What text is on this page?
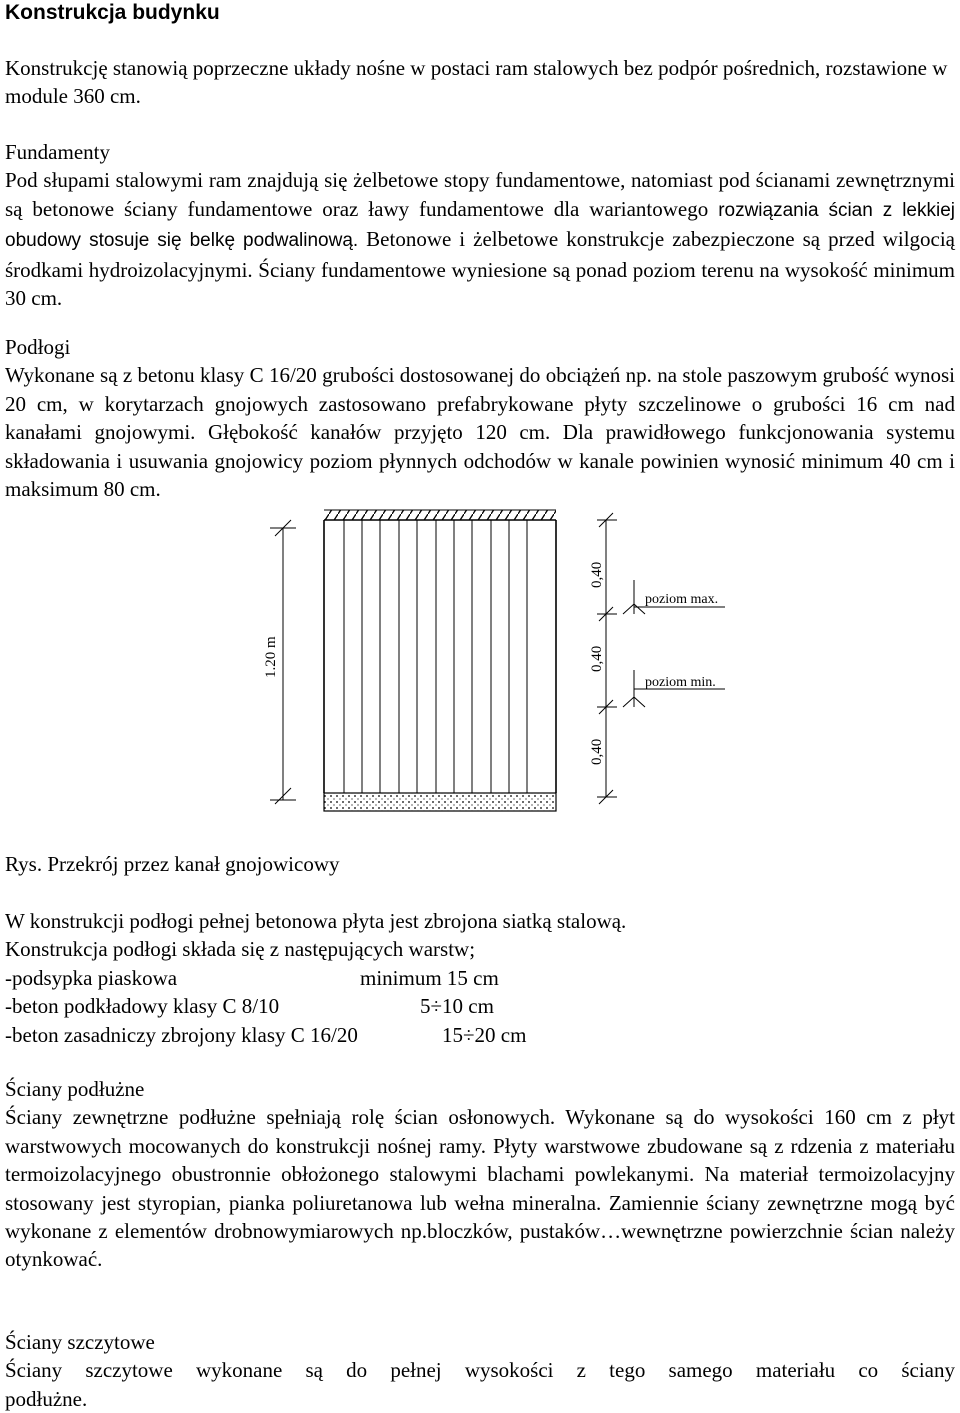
Konstrukcja budynku

Konstrukcję stanowią poprzeczne układy nośne w postaci ram stalowych bez podpór pośrednich, rozstawione w module 360 cm.

Fundamenty

Pod słupami stalowymi ram znajdują się żelbetowe stopy fundamentowe, natomiast pod ścianami zewnętrznymi są betonowe ściany fundamentowe oraz ławy fundamentowe dla wariantowego rozwiązania ścian z lekkiej obudowy stosuje się belkę podwalinową. Betonowe i żelbetowe konstrukcje zabezpieczone są przed wilgocią środkami hydroizolacyjnymi. Ściany fundamentowe wyniesione są ponad poziom terenu na wysokość minimum 30 cm.

Podłogi

Wykonane są z betonu klasy C 16/20 grubości dostosowanej do obciążeń np. na stole paszowym grubość wynosi 20 cm, w korytarzach gnojowych zastosowano prefabrykowane płyty szczelinowe o grubości 16 cm nad kanałami gnojowymi. Głębokość kanałów przyjęto 120 cm. Dla prawidłowego funkcjonowania systemu składowania i usuwania gnojowicy poziom płynnych odchodów w kanale powinien wynosić minimum 40 cm i maksimum 80 cm.

1.20 m
0,40
0,40
0,40
poziom max.
poziom min.

Rys. Przekrój przez kanał gnojowicowy

W konstrukcji podłogi pełnej betonowa płyta jest zbrojona siatką stalową.

Konstrukcja podłogi składa się z następujących warstw;

-podsypka piaskowa	minimum 15 cm
-beton podkładowy klasy C 8/10	5÷10 cm
-beton zasadniczy zbrojony klasy C 16/20	15÷20 cm

Ściany podłużne

Ściany zewnętrzne podłużne spełniają rolę ścian osłonowych. Wykonane są do wysokości 160 cm z płyt warstwowych mocowanych do konstrukcji nośnej ramy. Płyty warstwowe zbudowane są z rdzenia z materiału termoizolacyjnego obustronnie obłożonego stalowymi blachami powlekanymi. Na materiał termoizolacyjny stosowany jest styropian, pianka poliuretanowa lub wełna mineralna. Zamiennie ściany zewnętrzne mogą być wykonane z elementów drobnowymiarowych np.bloczków, pustaków…wewnętrzne powierzchnie ścian należy

otynkować.

Ściany szczytowe

Ściany szczytowe wykonane są do pełnej wysokości z tego samego materiału co ściany

podłużne.
